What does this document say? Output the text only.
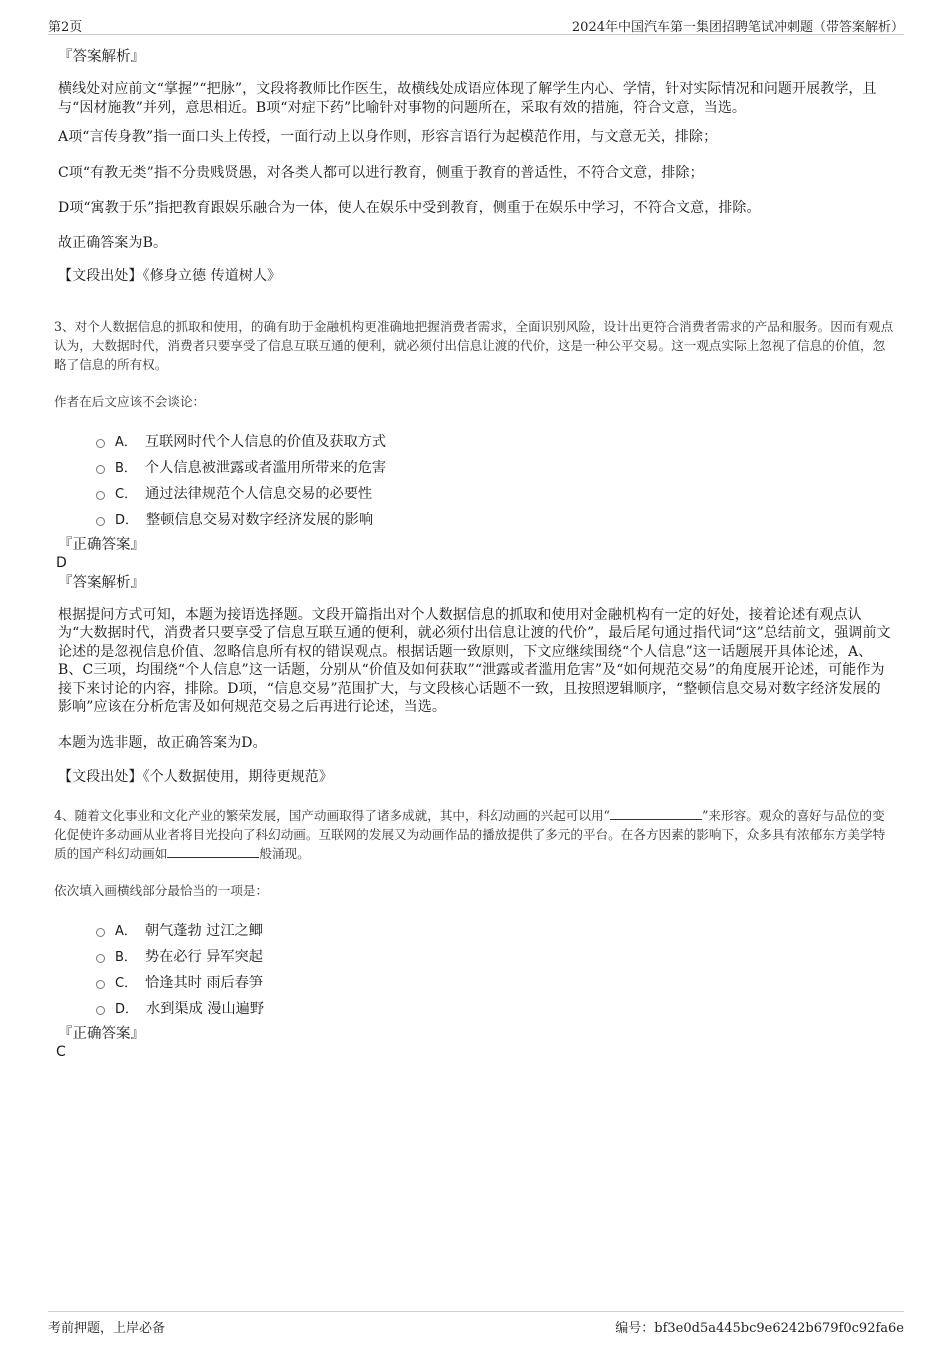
第2页	2024年中国汽车第一集团招聘笔试冲刺题（带答案解析）

『答案解析』

横线处对应前文“掌握”“把脉”，文段将教师比作医生，故横线处成语应体现了解学生内心、学情，针对实际情况和问题开展教学，且与“因材施教”并列，意思相近。B项“对症下药”比喻针对事物的问题所在，采取有效的措施，符合文意，当选。

A项“言传身教”指一面口头上传授，一面行动上以身作则，形容言语行为起模范作用，与文意无关，排除；

C项“有教无类”指不分贵贱贤愚，对各类人都可以进行教育，侧重于教育的普适性，不符合文意，排除；

D项“寓教于乐”指把教育跟娱乐融合为一体，使人在娱乐中受到教育，侧重于在娱乐中学习，不符合文意，排除。

故正确答案为B。

【文段出处】《修身立德 传道树人》

3、对个人数据信息的抓取和使用，的确有助于金融机构更准确地把握消费者需求，全面识别风险，设计出更符合消费者需求的产品和服务。因而有观点认为，大数据时代，消费者只要享受了信息互联互通的便利，就必须付出信息让渡的代价，这是一种公平交易。这一观点实际上忽视了信息的价值，忽略了信息的所有权。

作者在后文应该不会谈论：

A． 互联网时代个人信息的价值及获取方式
B． 个人信息被泄露或者滥用所带来的危害
C． 通过法律规范个人信息交易的必要性
D． 整顿信息交易对数字经济发展的影响

『正确答案』

D

『答案解析』

根据提问方式可知，本题为接语选择题。文段开篇指出对个人数据信息的抓取和使用对金融机构有一定的好处，接着论述有观点认为“大数据时代，消费者只要享受了信息互联互通的便利，就必须付出信息让渡的代价”，最后尾句通过指代词“这”总结前文，强调前文论述的是忽视信息价值、忽略信息所有权的错误观点。根据话题一致原则，下文应继续围绕“个人信息”这一话题展开具体论述，A、B、C三项，均围绕“个人信息”这一话题，分别从“价值及如何获取”“泄露或者滥用危害”及“如何规范交易”的角度展开论述，可能作为接下来讨论的内容，排除。D项，“信息交易”范围扩大，与文段核心话题不一致，且按照逻辑顺序，“整顿信息交易对数字经济发展的影响”应该在分析危害及如何规范交易之后再进行论述，当选。

本题为选非题，故正确答案为D。

【文段出处】《个人数据使用，期待更规范》

4、随着文化事业和文化产业的繁荣发展，国产动画取得了诸多成就，其中，科幻动画的兴起可以用“	”来形容。观众的喜好与品位的变化促使许多动画从业者将目光投向了科幻动画。互联网的发展又为动画作品的播放提供了多元的平台。在各方因素的影响下，众多具有浓郁东方美学特质的国产科幻动画如	般涌现。

依次填入画横线部分最恰当的一项是：

A． 朝气蓬勃 过江之鲫
B． 势在必行 异军突起
C． 恰逢其时 雨后春笋
D． 水到渠成 漫山遍野

『正确答案』

C

考前押题，上岸必备	编号：bf3e0d5a445bc9e6242b679f0c92fa6e
